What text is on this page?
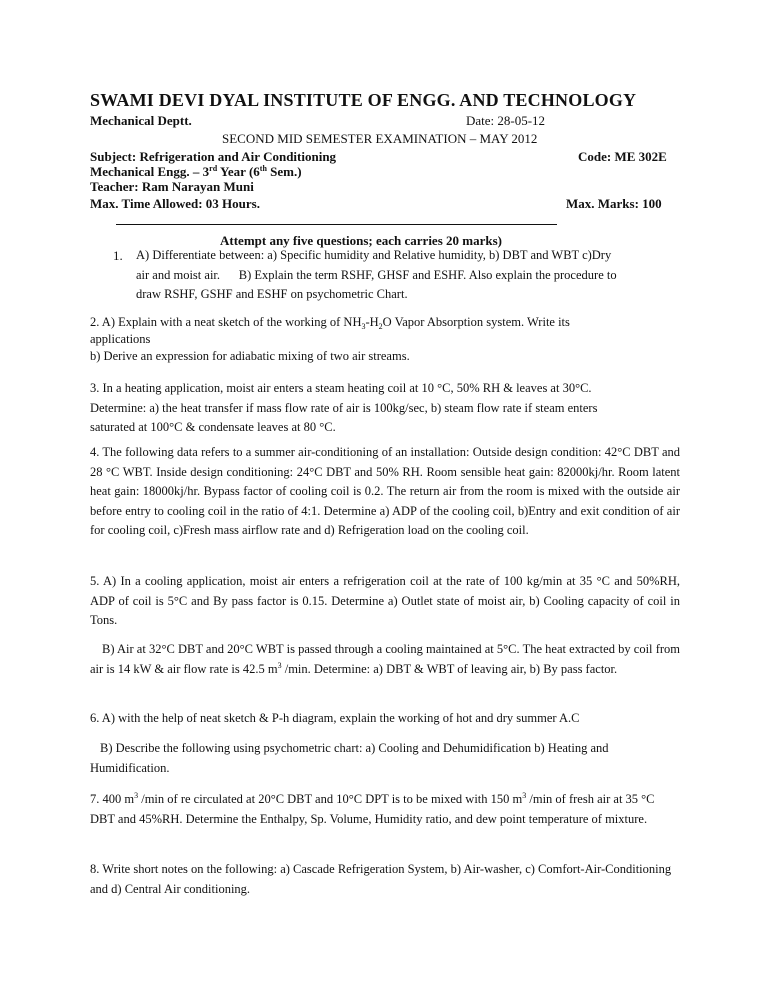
SWAMI DEVI DYAL INSTITUTE OF ENGG. AND TECHNOLOGY
Mechanical Deptt.	Date: 28-05-12
SECOND MID SEMESTER EXAMINATION – MAY 2012
Subject: Refrigeration and Air Conditioning	Code: ME 302E
Mechanical Engg. – 3rd Year (6th Sem.)
Teacher: Ram Narayan Muni
Max. Time Allowed: 03 Hours.	Max. Marks: 100
Attempt any five questions; each carries 20 marks)
1. A) Differentiate between: a) Specific humidity and Relative humidity, b) DBT and WBT c)Dry

air and moist air.      B) Explain the term RSHF, GHSF and ESHF. Also explain the procedure to

draw RSHF, GSHF and ESHF on psychometric Chart.

2. A) Explain with a neat sketch of the working of $NH_3-H_2O$ Vapor Absorption system. Write its

applications

b) Derive an expression for adiabatic mixing of two air streams.

3. In a heating application, moist air enters a steam heating coil at 10 °C, 50% RH & leaves at 30°C.

Determine: a) the heat transfer if mass flow rate of air is 100kg/sec, b) steam flow rate if steam enters

saturated at 100°C & condensate leaves at 80 °C.

4. The following data refers to a summer air-conditioning of an installation: Outside design condition: 42°C DBT and 28 °C WBT. Inside design conditioning: 24°C DBT and 50% RH. Room sensible heat gain: 82000kj/hr. Room latent heat gain: 18000kj/hr. Bypass factor of cooling coil is 0.2. The return air from the room is mixed with the outside air before entry to cooling coil in the ratio of 4:1. Determine a) ADP of the cooling coil, b)Entry and exit condition of air for cooling coil, c)Fresh mass airflow rate and d) Refrigeration load on the cooling coil.

5. A) In a cooling application, moist air enters a refrigeration coil at the rate of 100 kg/min at 35 °C and 50%RH, ADP of coil is 5°C and By pass factor is 0.15. Determine a) Outlet state of moist air, b) Cooling capacity of coil in Tons.

B) Air at 32°C DBT and 20°C WBT is passed through a cooling maintained at 5°C. The heat extracted by coil from air is 14 kW & air flow rate is 42.5 $m^3$ /min. Determine: a) DBT & WBT of leaving air, b) By pass factor.

6. A) with the help of neat sketch & P-h diagram, explain the working of hot and dry summer A.C

B) Describe the following using psychometric chart: a) Cooling and Dehumidification b) Heating and Humidification.

7. 400 $m^3$ /min of re circulated at 20°C DBT and 10°C DPT is to be mixed with 150 $m^3$ /min of fresh air at 35 °C DBT and 45%RH. Determine the Enthalpy, Sp. Volume, Humidity ratio, and dew point temperature of mixture.

8. Write short notes on the following: a) Cascade Refrigeration System, b) Air-washer, c) Comfort-Air-Conditioning and d) Central Air conditioning.
